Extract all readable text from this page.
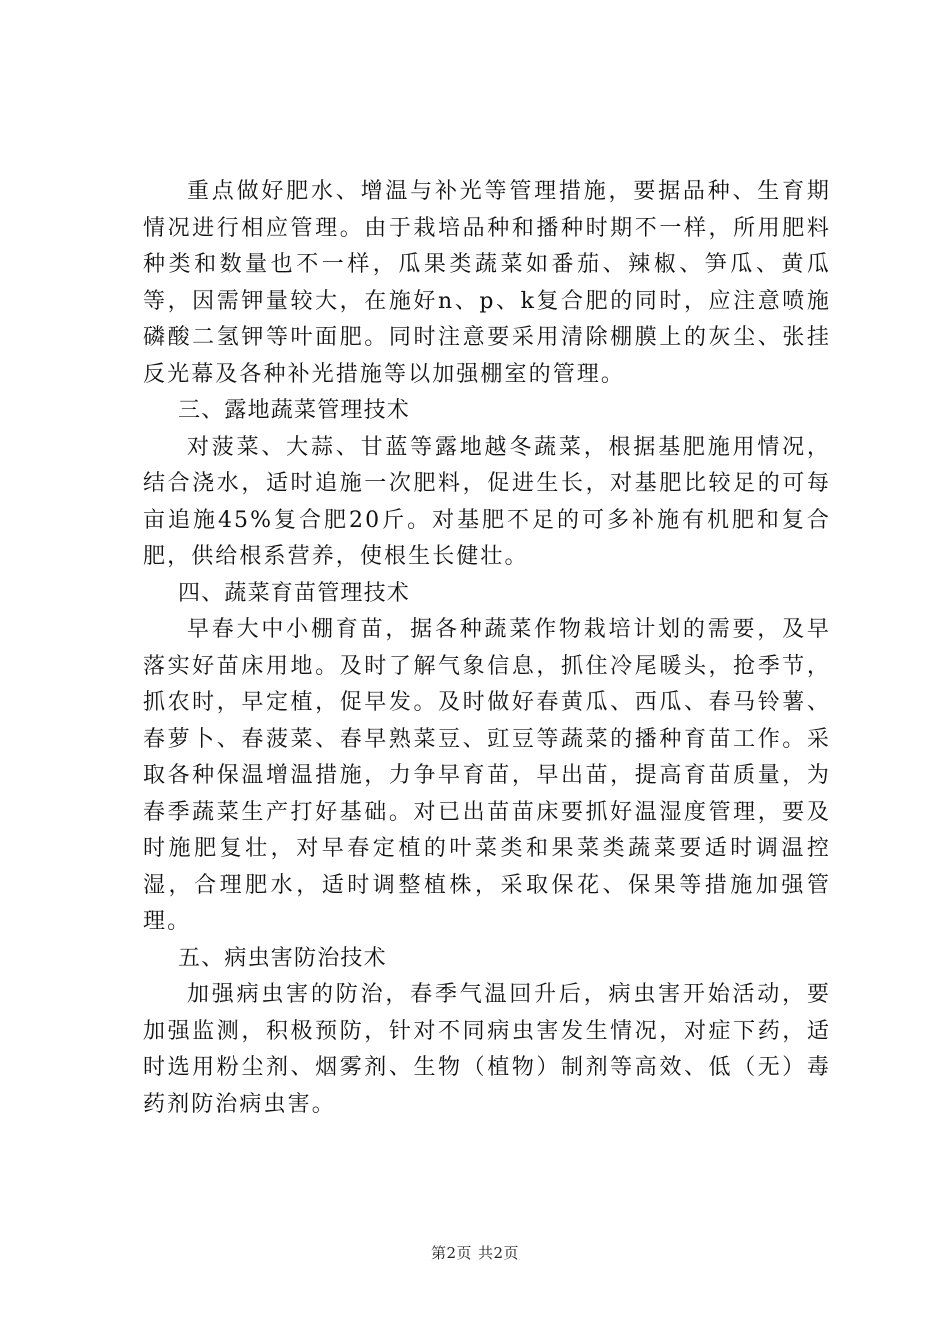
重点做好肥水、增温与补光等管理措施，要据品种、生育期情况进行相应管理。由于栽培品种和播种时期不一样，所用肥料种类和数量也不一样，瓜果类蔬菜如番茄、辣椒、笋瓜、黄瓜等，因需钾量较大，在施好n、p、k复合肥的同时，应注意喷施磷酸二氢钾等叶面肥。同时注意要采用清除棚膜上的灰尘、张挂反光幕及各种补光措施等以加强棚室的管理。

三、露地蔬菜管理技术

对菠菜、大蒜、甘蓝等露地越冬蔬菜，根据基肥施用情况，结合浇水，适时追施一次肥料，促进生长，对基肥比较足的可每亩追施45%复合肥20斤。对基肥不足的可多补施有机肥和复合肥，供给根系营养，使根生长健壮。

四、蔬菜育苗管理技术

早春大中小棚育苗，据各种蔬菜作物栽培计划的需要，及早落实好苗床用地。及时了解气象信息，抓住冷尾暖头，抢季节，抓农时，早定植，促早发。及时做好春黄瓜、西瓜、春马铃薯、春萝卜、春菠菜、春早熟菜豆、豇豆等蔬菜的播种育苗工作。采取各种保温增温措施，力争早育苗，早出苗，提高育苗质量，为春季蔬菜生产打好基础。对已出苗苗床要抓好温湿度管理，要及时施肥复壮，对早春定植的叶菜类和果菜类蔬菜要适时调温控湿，合理肥水，适时调整植株，采取保花、保果等措施加强管理。

五、病虫害防治技术

加强病虫害的防治，春季气温回升后，病虫害开始活动，要加强监测，积极预防，针对不同病虫害发生情况，对症下药，适时选用粉尘剂、烟雾剂、生物（植物）制剂等高效、低（无）毒药剂防治病虫害。

第2页 共2页
